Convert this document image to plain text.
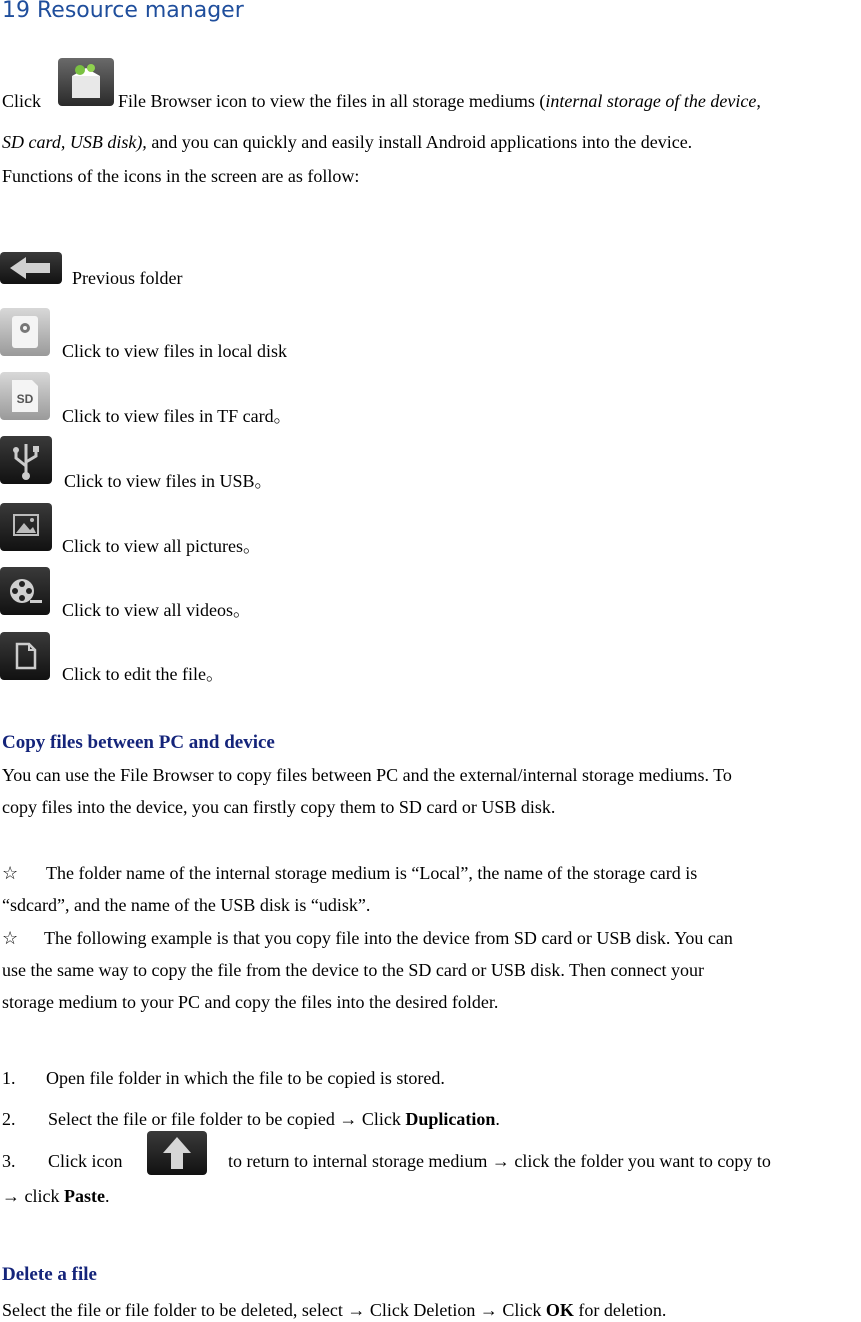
19 Resource manager
Click	File Browser icon to view the files in all storage mediums (internal storage of the device,
SD card, USB disk), and you can quickly and easily install Android applications into the device.
Functions of the icons in the screen are as follow:
Previous folder
Click to view files in local disk
SD
Click to view files in TF card。
Click to view files in USB。
Click to view all pictures。
Click to view all videos。
Click to edit the file。
Copy files between PC and device
You can use the File Browser to copy files between PC and the external/internal storage mediums. To
copy files into the device, you can firstly copy them to SD card or USB disk.
☆ The folder name of the internal storage medium is “Local”, the name of the storage card is
“sdcard”, and the name of the USB disk is “udisk”.
☆ The following example is that you copy file into the device from SD card or USB disk. You can
use the same way to copy the file from the device to the SD card or USB disk. Then connect your
storage medium to your PC and copy the files into the desired folder.
1. Open file folder in which the file to be copied is stored.
2. Select the file or file folder to be copied → Click Duplication.
3. Click icon	to return to internal storage medium → click the folder you want to copy to
→ click Paste.
Delete a file
Select the file or file folder to be deleted, select → Click Deletion → Click OK for deletion.
